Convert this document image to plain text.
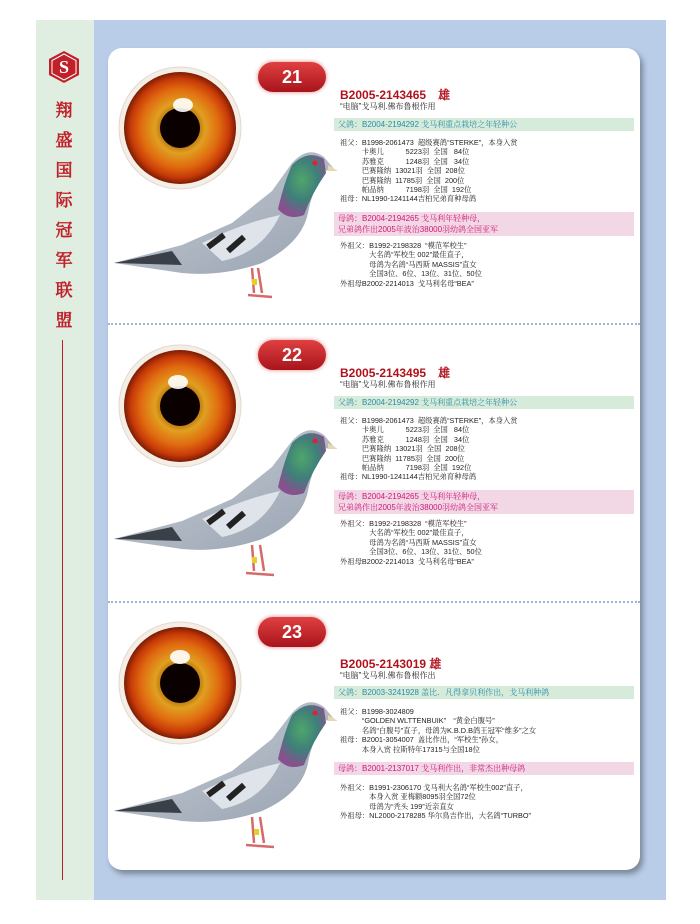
S
翔
盛
国
际
冠
军
联
盟
21
B2005-2143465　雄
“电脑”戈马利.佛布鲁根作用
父鸽：B2004-2194292 戈马利重点栽培之年轻种公
祖父：B1998-2061473  超级赛鸽“STERKE”，本身入赏
　　　卡奥儿　　　5223羽  全国   84位
　　　苏雅克　　　1248羽  全国   34位
　　　巴赛隆纳  13021羽  全国  208位
　　　巴赛隆纳  11785羽  全国  200位
　　　帕品纳　　　7198羽  全国  192位
祖母：NL1990-1241144吉柏兄弟育种母鸽
母鸽：B2004-2194265 戈马利年轻种母，
兄弟鸽作出2005年波治38000羽幼鸽全国亚军
外祖父：B1992-2198328  “模范军校生”
　　　　大名鸽“军校生 002”最佳直子，
　　　　母鸽为名鸽“马西斯 MASSIS”直女
　　　　全国3位、6位、13位、31位、50位
外祖母B2002-2214013  戈马利名母“BEA”
22
B2005-2143495　雄
“电脑”戈马利.佛布鲁根作用
父鸽：B2004-2194292 戈马利重点栽培之年轻种公
祖父：B1998-2061473  超级赛鸽“STERKE”，本身入赏
　　　卡奥儿　　　5223羽  全国   84位
　　　苏雅克　　　1248羽  全国   34位
　　　巴赛隆纳  13021羽  全国  208位
　　　巴赛隆纳  11785羽  全国  200位
　　　帕品纳　　　7198羽  全国  192位
祖母：NL1990-1241144吉柏兄弟育种母鸽
母鸽：B2004-2194265 戈马利年轻种母，
兄弟鸽作出2005年波治38000羽幼鸽全国亚军
外祖父：B1992-2198328  “模范军校生”
　　　　大名鸽“军校生 002”最佳直子，
　　　　母鸽为名鸽“马西斯 MASSIS”直女
　　　　全国3位、6位、13位、31位、50位
外祖母B2002-2214013  戈马利名母“BEA”
23
B2005-2143019 雄
“电脑”戈马利.佛布鲁根作出
父鸽：B2003-3241928 盖比．凡得拿贝利作出，戈马利种鸽
祖父：B1998-3024809
　　　“GOLDEN WLTTENBUIK”　“黄金白腹号”
　　　名鸽“白腹号”直子，母鸽为K.B.D.B鸽王冠军“维多”之女
祖母：B2001-3054007  盖比作出，“军校生”孙女，
　　　本身入赏 拉斯特年17315与全国18位
母鸽：B2001-2137017 戈马利作出，非常杰出种母鸽
外祖父：B1991-2306170 戈马利大名鸽“军校生002”直子，
　　　　本身入赏 亚梅额8095羽全国72位
　　　　母鸽为“秃头 199”近亲直女
外祖母：NL2000-2178285 华尔鳥吉作出，大名鸽“TURBO”
